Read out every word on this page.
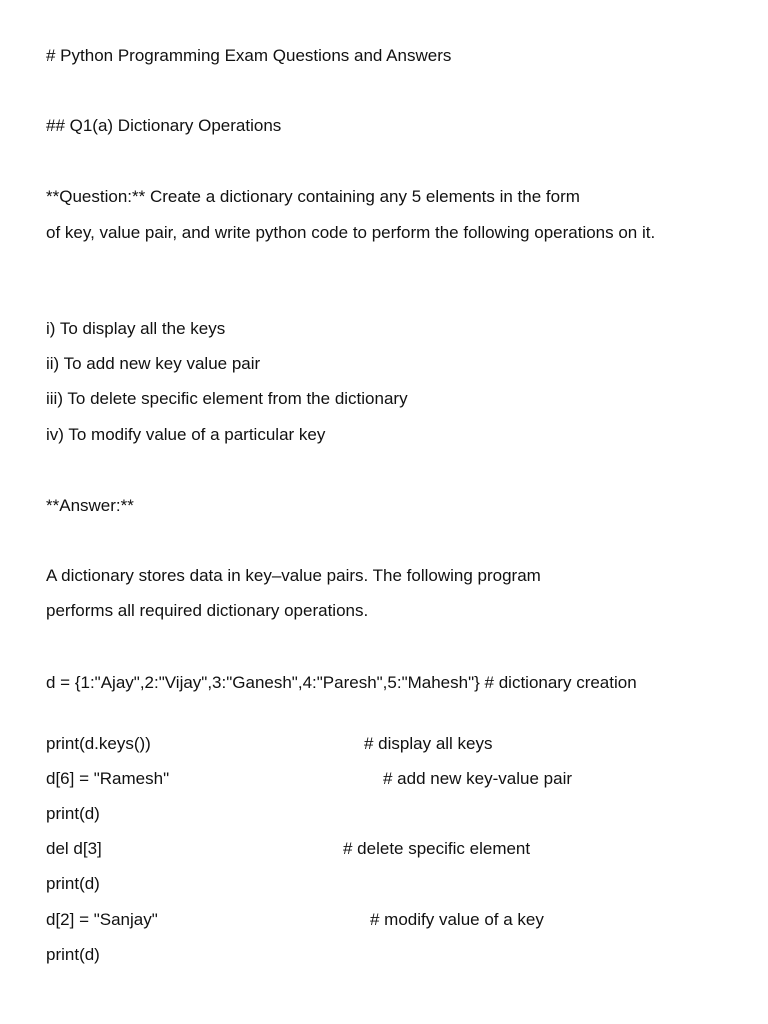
# Python Programming Exam Questions and Answers
## Q1(a) Dictionary Operations
**Question:** Create a dictionary containing any 5 elements in the form
of key, value pair, and write python code to perform the following operations on it.
i) To display all the keys
ii) To add new key value pair
iii) To delete specific element from the dictionary
iv) To modify value of a particular key
**Answer:**
A dictionary stores data in key–value pairs. The following program
performs all required dictionary operations.
d = {1:"Ajay",2:"Vijay",3:"Ganesh",4:"Paresh",5:"Mahesh"} # dictionary creation
print(d.keys())	# display all keys
d[6] = "Ramesh"	# add new key-value pair
print(d)
del d[3]	# delete specific element
print(d)
d[2] = "Sanjay"	# modify value of a key
print(d)
